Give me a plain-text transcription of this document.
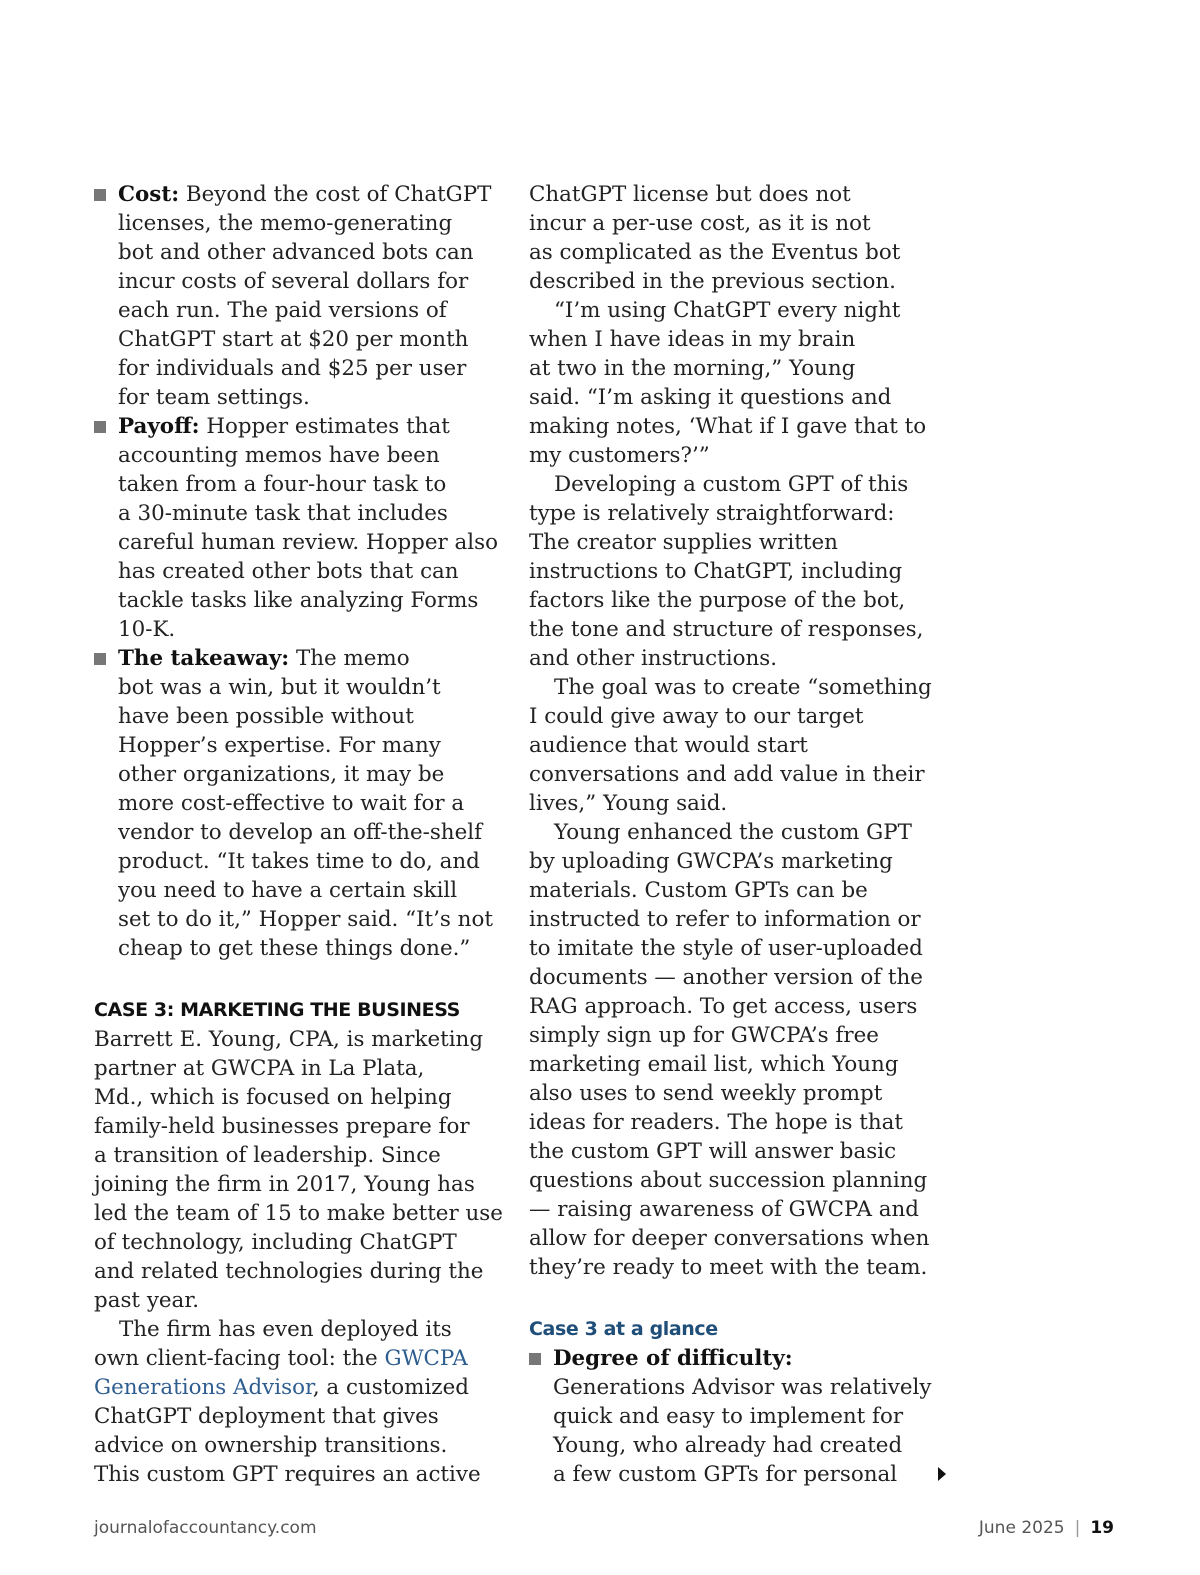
Cost: Beyond the cost of ChatGPT
licenses, the memo-generating
bot and other advanced bots can
incur costs of several dollars for
each run. The paid versions of
ChatGPT start at $20 per month
for individuals and $25 per user
for team settings.
Payoff: Hopper estimates that
accounting memos have been
taken from a four-hour task to
a 30-minute task that includes
careful human review. Hopper also
has created other bots that can
tackle tasks like analyzing Forms
10-K.
The takeaway: The memo
bot was a win, but it wouldn’t
have been possible without
Hopper’s expertise. For many
other organizations, it may be
more cost-effective to wait for a
vendor to develop an off-the-shelf
product. “It takes time to do, and
you need to have a certain skill
set to do it,” Hopper said. “It’s not
cheap to get these things done.”
CASE 3: MARKETING THE BUSINESS

Barrett E. Young, CPA, is marketing
partner at GWCPA in La Plata,
Md., which is focused on helping
family-held businesses prepare for
a transition of leadership. Since
joining the firm in 2017, Young has
led the team of 15 to make better use
of technology, including ChatGPT
and related technologies during the
past year.

The firm has even deployed its
own client-facing tool: the GWCPA
Generations Advisor, a customized
ChatGPT deployment that gives
advice on ownership transitions.
This custom GPT requires an active

ChatGPT license but does not
incur a per-use cost, as it is not
as complicated as the Eventus bot
described in the previous section.

“I’m using ChatGPT every night
when I have ideas in my brain
at two in the morning,” Young
said. “I’m asking it questions and
making notes, ‘What if I gave that to
my customers?’”

Developing a custom GPT of this
type is relatively straightforward:
The creator supplies written
instructions to ChatGPT, including
factors like the purpose of the bot,
the tone and structure of responses,
and other instructions.

The goal was to create “something
I could give away to our target
audience that would start
conversations and add value in their
lives,” Young said.

Young enhanced the custom GPT
by uploading GWCPA’s marketing
materials. Custom GPTs can be
instructed to refer to information or
to imitate the style of user-uploaded
documents — another version of the
RAG approach. To get access, users
simply sign up for GWCPA’s free
marketing email list, which Young
also uses to send weekly prompt
ideas for readers. The hope is that
the custom GPT will answer basic
questions about succession planning
— raising awareness of GWCPA and
allow for deeper conversations when
they’re ready to meet with the team.

Case 3 at a glance
Degree of difficulty:
Generations Advisor was relatively
quick and easy to implement for
Young, who already had created
a few custom GPTs for personal
journalofaccountancy.com	June 2025 | 19
